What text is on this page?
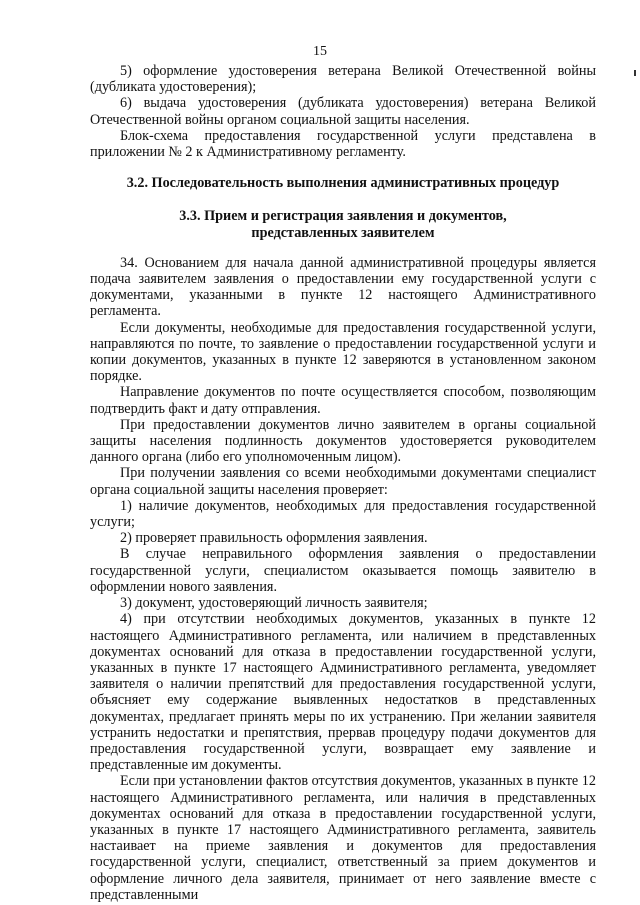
15

5) оформление удостоверения ветерана Великой Отечественной войны (дубликата удостоверения);

6) выдача удостоверения (дубликата удостоверения) ветерана Великой Отечественной войны органом социальной защиты населения.

Блок-схема предоставления государственной услуги представлена в приложении № 2 к Административному регламенту.

3.2. Последовательность выполнения административных процедур
3.3. Прием и регистрация заявления и документов,
представленных заявителем

34. Основанием для начала данной административной процедуры является подача заявителем заявления о предоставлении ему государственной услуги с документами, указанными в пункте 12 настоящего Административного регламента.

Если документы, необходимые для предоставления государственной услуги, направляются по почте, то заявление о предоставлении государственной услуги и копии документов, указанных в пункте 12 заверяются в установленном законом порядке.

Направление документов по почте осуществляется способом, позволяющим подтвердить факт и дату отправления.

При предоставлении документов лично заявителем в органы социальной защиты населения подлинность документов удостоверяется руководителем данного органа (либо его уполномоченным лицом).

При получении заявления со всеми необходимыми документами специалист органа социальной защиты населения проверяет:

1) наличие документов, необходимых для предоставления государственной услуги;

2) проверяет правильность оформления заявления.

В случае неправильного оформления заявления о предоставлении государственной услуги, специалистом оказывается помощь заявителю в оформлении нового заявления.

3) документ, удостоверяющий личность заявителя;

4) при отсутствии необходимых документов, указанных в пункте 12 настоящего Административного регламента, или наличием в представленных документах оснований для отказа в предоставлении государственной услуги, указанных в пункте 17 настоящего Административного регламента, уведомляет заявителя о наличии препятствий для предоставления государственной услуги, объясняет ему содержание выявленных недостатков в представленных документах, предлагает принять меры по их устранению. При желании заявителя устранить недостатки и препятствия, прервав процедуру подачи документов для предоставления государственной услуги, возвращает ему заявление и представленные им документы.

Если при установлении фактов отсутствия документов, указанных в пункте 12 настоящего Административного регламента, или наличия в представленных документах оснований для отказа в предоставлении государственной услуги, указанных в пункте 17 настоящего Административного регламента, заявитель настаивает на приеме заявления и документов для предоставления государственной услуги, специалист, ответственный за прием документов и оформление личного дела заявителя, принимает от него заявление вместе с представленными
